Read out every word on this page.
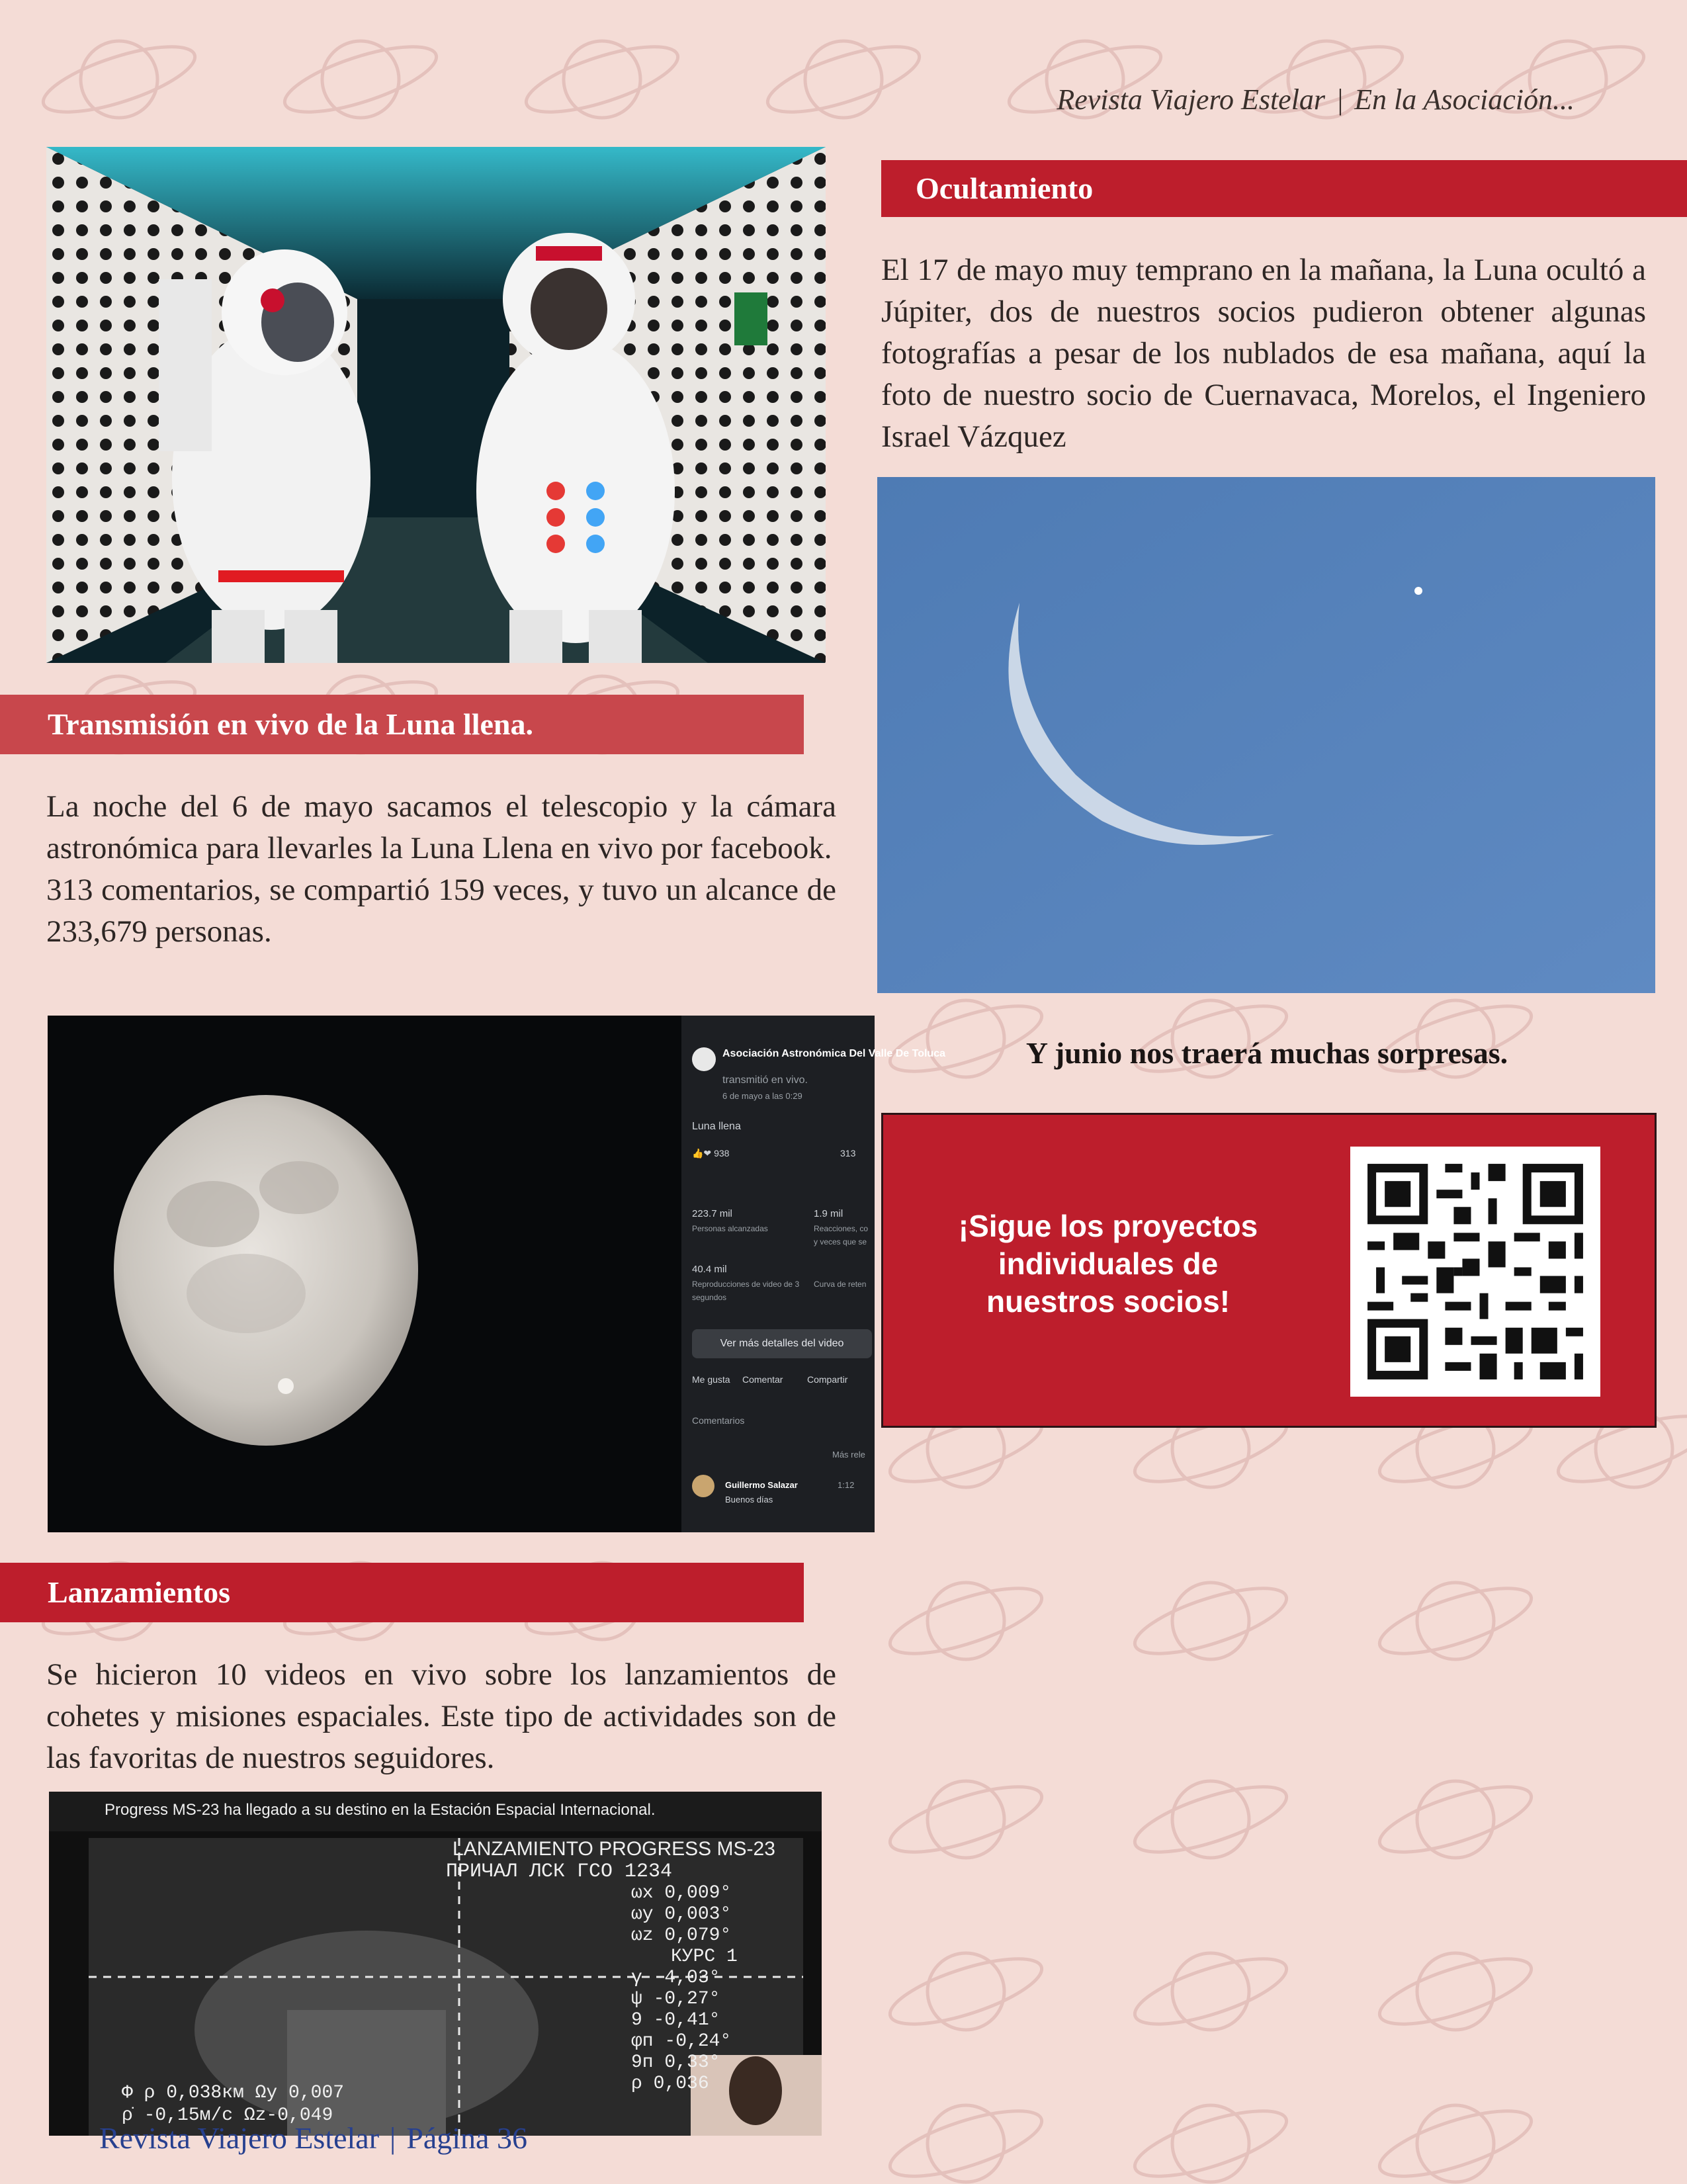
Revista Viajero Estelar | En la Asociación...
Transmisión en vivo de la Luna llena.

La noche del 6 de mayo sacamos el telescopio y la cámara astronómica para llevarles la Luna Llena en vivo por facebook.

313 comentarios, se compartió 159 veces, y tuvo un alcance de 233,679 personas.

Asociación Astronómica Del Valle De Toluca
transmitió en vivo.
6 de mayo a las 0:29
Luna llena
👍❤ 938	313
223.7 mil
Personas alcanzadas
1.9 mil
Reacciones, co y veces que se
40.4 mil
Reproducciones de video de 3 segundos
Curva de reten
Ver más detalles del video
Me gusta Comentar	Compartir
Comentarios
Más rele
Guillermo Salazar
Buenos días
1:12
Lanzamientos

Se hicieron 10 videos en vivo sobre los lanzamientos de cohetes y misiones espaciales. Este tipo de actividades son de las favoritas de nuestros seguidores.

Progress MS-23 ha llegado a su destino en la Estación Espacial Internacional.
LANZAMIENTO PROGRESS MS-23
ПРИЧАЛ ЛСК ГСО 1234
ωx 0,009°
ωy 0,003°
ωz 0,079°
КУРС 1
γ -4,03°
ψ -0,27°
9 -0,41°
φп -0,24°
9п 0,33°
ρ 0,036
Φ ρ 0,038км Ωу 0,007
ρ̇ -0,15м/с Ωz-0,049
Revista Viajero Estelar | Página 36
Ocultamiento

El 17 de mayo muy temprano en la mañana, la Luna ocultó a Júpiter, dos de nuestros socios pudieron obtener algunas fotografías a pesar de los nublados de esa mañana, aquí la foto de nuestro socio de Cuernavaca, Morelos, el Ingeniero Israel Vázquez

Y junio nos traerá muchas sorpresas.
¡Sigue los proyectos
individuales de
nuestros socios!
